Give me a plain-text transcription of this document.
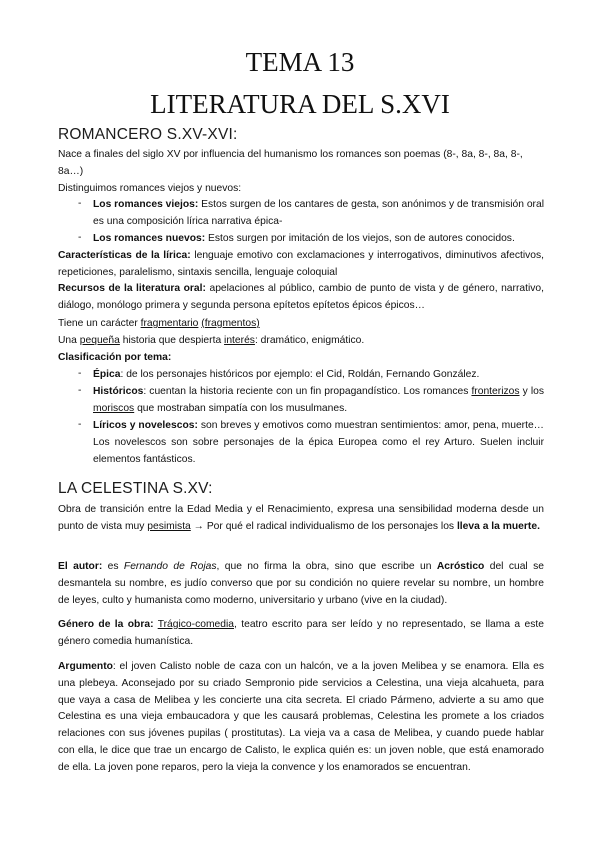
TEMA 13
LITERATURA DEL S.XVI
ROMANCERO S.XV-XVI:

Nace a finales del siglo XV por influencia del humanismo los romances son poemas (8-, 8a, 8-, 8a, 8-, 8a…)

Distinguimos romances viejos y nuevos:

- Los romances viejos: Estos surgen de los cantares de gesta, son anónimos y de transmisión oral es una composición lírica narrativa épica-

- Los romances nuevos: Estos surgen por imitación de los viejos, son de autores conocidos.

Características de la lírica: lenguaje emotivo con exclamaciones y interrogativos, diminutivos afectivos, repeticiones, paralelismo, sintaxis sencilla, lenguaje coloquial

Recursos de la literatura oral: apelaciones al público, cambio de punto de vista y de género, narrativo, diálogo, monólogo primera y segunda persona epítetos epítetos épicos épicos…

Tiene un carácter fragmentario (fragmentos)

Una pequeña historia que despierta interés: dramático, enigmático.

Clasificación por tema:

- Épica: de los personajes históricos por ejemplo: el Cid, Roldán, Fernando González.

- Históricos: cuentan la historia reciente con un fin propagandístico. Los romances fronterizos y los moriscos que mostraban simpatía con los musulmanes.

- Líricos y novelescos: son breves y emotivos como muestran sentimientos: amor, pena, muerte… Los novelescos son sobre personajes de la épica Europea como el rey Arturo. Suelen incluir elementos fantásticos.

LA CELESTINA S.XV:

Obra de transición entre la Edad Media y el Renacimiento, expresa una sensibilidad moderna desde un punto de vista muy pesimista → Por qué el radical individualismo de los personajes los lleva a la muerte.

El autor: es Fernando de Rojas, que no firma la obra, sino que escribe un Acróstico del cual se desmantela su nombre, es judío converso que por su condición no quiere revelar su nombre, un hombre de leyes, culto y humanista como moderno, universitario y urbano (vive en la ciudad).

Género de la obra: Trágico-comedia, teatro escrito para ser leído y no representado, se llama a este género comedia humanística.

Argumento: el joven Calisto noble de caza con un halcón, ve a la joven Melibea y se enamora. Ella es una plebeya. Aconsejado por su criado Sempronio pide servicios a Celestina, una vieja alcahueta, para que vaya a casa de Melibea y les concierte una cita secreta. El criado Pármeno, advierte a su amo que Celestina es una vieja embaucadora y que les causará problemas, Celestina les promete a los criados relaciones con sus jóvenes pupilas ( prostitutas). La vieja va a casa de Melibea, y cuando puede hablar con ella, le dice que trae un encargo de Calisto, le explica quién es: un joven noble, que está enamorado de ella. La joven pone reparos, pero la vieja la convence y los enamorados se encuentran.
